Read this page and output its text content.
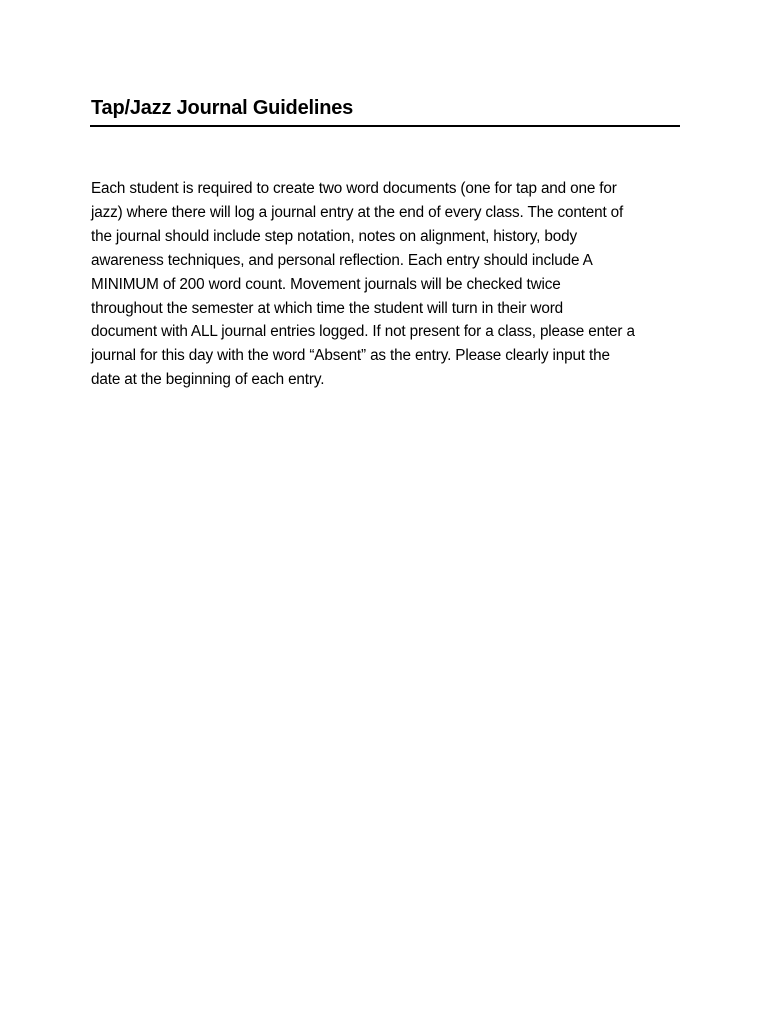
Tap/Jazz Journal Guidelines
Each student is required to create two word documents (one for tap and one for
jazz) where there will log a journal entry at the end of every class. The content of
the journal should include step notation, notes on alignment, history, body
awareness techniques, and personal reflection. Each entry should include A
MINIMUM of 200 word count. Movement journals will be checked twice
throughout the semester at which time the student will turn in their word
document with ALL journal entries logged. If not present for a class, please enter a
journal for this day with the word “Absent” as the entry. Please clearly input the
date at the beginning of each entry.
